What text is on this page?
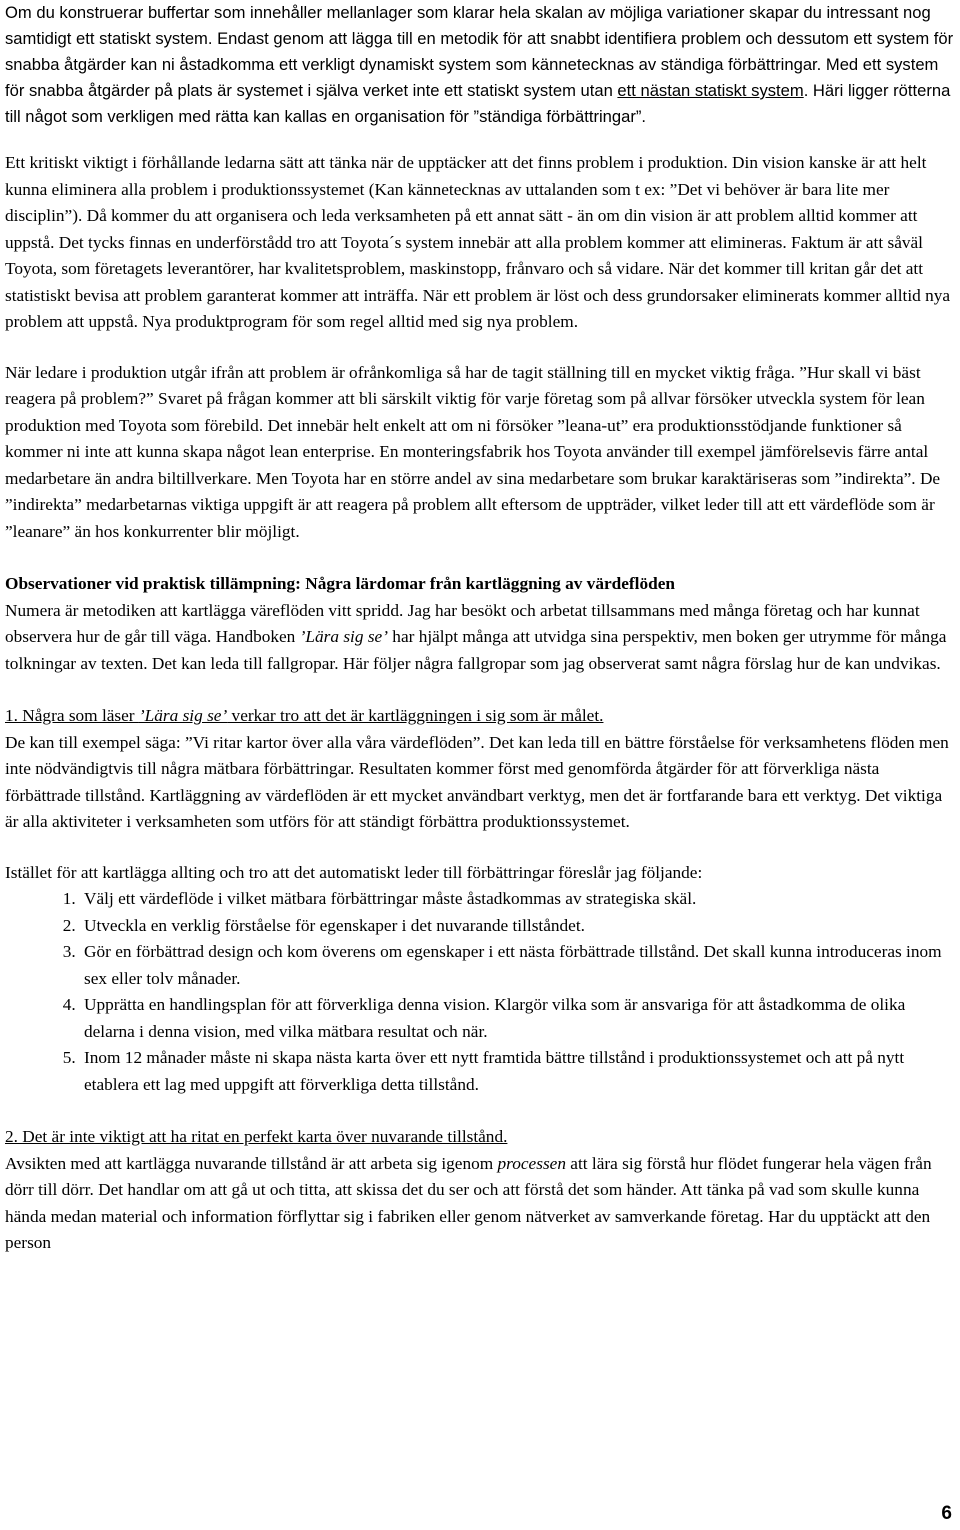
Om du konstruerar buffertar som innehåller mellanlager som klarar hela skalan av möjliga variationer skapar du intressant nog samtidigt ett statiskt system. Endast genom att lägga till en metodik för att snabbt identifiera problem och dessutom ett system för snabba åtgärder kan ni åstadkomma ett verkligt dynamiskt system som kännetecknas av ständiga förbättringar. Med ett system för snabba åtgärder på plats är systemet i själva verket inte ett statiskt system utan ett nästan statiskt system. Häri ligger rötterna till något som verkligen med rätta kan kallas en organisation för ”ständiga förbättringar”.

Ett kritiskt viktigt i förhållande ledarna sätt att tänka när de upptäcker att det finns problem i produktion. Din vision kanske är att helt kunna eliminera alla problem i produktionssystemet (Kan kännetecknas av uttalanden som t ex: ”Det vi behöver är bara lite mer disciplin”). Då kommer du att organisera och leda verksamheten på ett annat sätt - än om din vision är att problem alltid kommer att uppstå. Det tycks finnas en underförstådd tro att Toyota´s system innebär att alla problem kommer att elimineras. Faktum är att såväl Toyota, som företagets leverantörer, har kvalitetsproblem, maskinstopp, frånvaro och så vidare. När det kommer till kritan går det att statistiskt bevisa att problem garanterat kommer att inträffa. När ett problem är löst och dess grundorsaker eliminerats kommer alltid nya problem att uppstå. Nya produktprogram för som regel alltid med sig nya problem.

När ledare i produktion utgår ifrån att problem är ofrånkomliga så har de tagit ställning till en mycket viktig fråga. ”Hur skall vi bäst reagera på problem?” Svaret på frågan kommer att bli särskilt viktig för varje företag som på allvar försöker utveckla system för lean produktion med Toyota som förebild. Det innebär helt enkelt att om ni försöker ”leana-ut” era produktionsstödjande funktioner så kommer ni inte att kunna skapa något lean enterprise. En monteringsfabrik hos Toyota använder till exempel jämförelsevis färre antal medarbetare än andra biltillverkare. Men Toyota har en större andel av sina medarbetare som brukar karaktäriseras som ”indirekta”. De ”indirekta” medarbetarnas viktiga uppgift är att reagera på problem allt eftersom de uppträder, vilket leder till att ett värdeflöde som är ”leanare” än hos konkurrenter blir möjligt.

Observationer vid praktisk tillämpning: Några lärdomar från kartläggning av värdeflöden

Numera är metodiken att kartlägga väreflöden vitt spridd. Jag har besökt och arbetat tillsammans med många företag och har kunnat observera hur de går till väga. Handboken ’Lära sig se’ har hjälpt många att utvidga sina perspektiv, men boken ger utrymme för många tolkningar av texten. Det kan leda till fallgropar. Här följer några fallgropar som jag observerat samt några förslag hur de kan undvikas.

1. Några som läser ’Lära sig se’ verkar tro att det är kartläggningen i sig som är målet.

De kan till exempel säga: ”Vi ritar kartor över alla våra värdeflöden”. Det kan leda till en bättre förståelse för verksamhetens flöden men inte nödvändigtvis till några mätbara förbättringar. Resultaten kommer först med genomförda åtgärder för att förverkliga nästa förbättrade tillstånd. Kartläggning av värdeflöden är ett mycket användbart verktyg, men det är fortfarande bara ett verktyg. Det viktiga är alla aktiviteter i verksamheten som utförs för att ständigt förbättra produktionssystemet.

Istället för att kartlägga allting och tro att det automatiskt leder till förbättringar föreslår jag följande:

1. Välj ett värdeflöde i vilket mätbara förbättringar måste åstadkommas av strategiska skäl.
2. Utveckla en verklig förståelse för egenskaper i det nuvarande tillståndet.
3. Gör en förbättrad design och kom överens om egenskaper i ett nästa förbättrade tillstånd. Det skall kunna introduceras inom sex eller tolv månader.
4. Upprätta en handlingsplan för att förverkliga denna vision. Klargör vilka som är ansvariga för att åstadkomma de olika delarna i denna vision, med vilka mätbara resultat och när.
5. Inom 12 månader måste ni skapa nästa karta över ett nytt framtida bättre tillstånd i produktionssystemet och att på nytt etablera ett lag med uppgift att förverkliga detta tillstånd.

2. Det är inte viktigt att ha ritat en perfekt karta över nuvarande tillstånd.

Avsikten med att kartlägga nuvarande tillstånd är att arbeta sig igenom processen att lära sig förstå hur flödet fungerar hela vägen från dörr till dörr. Det handlar om att gå ut och titta, att skissa det du ser och att förstå det som händer. Att tänka på vad som skulle kunna hända medan material och information förflyttar sig i fabriken eller genom nätverket av samverkande företag. Har du upptäckt att den person

6
